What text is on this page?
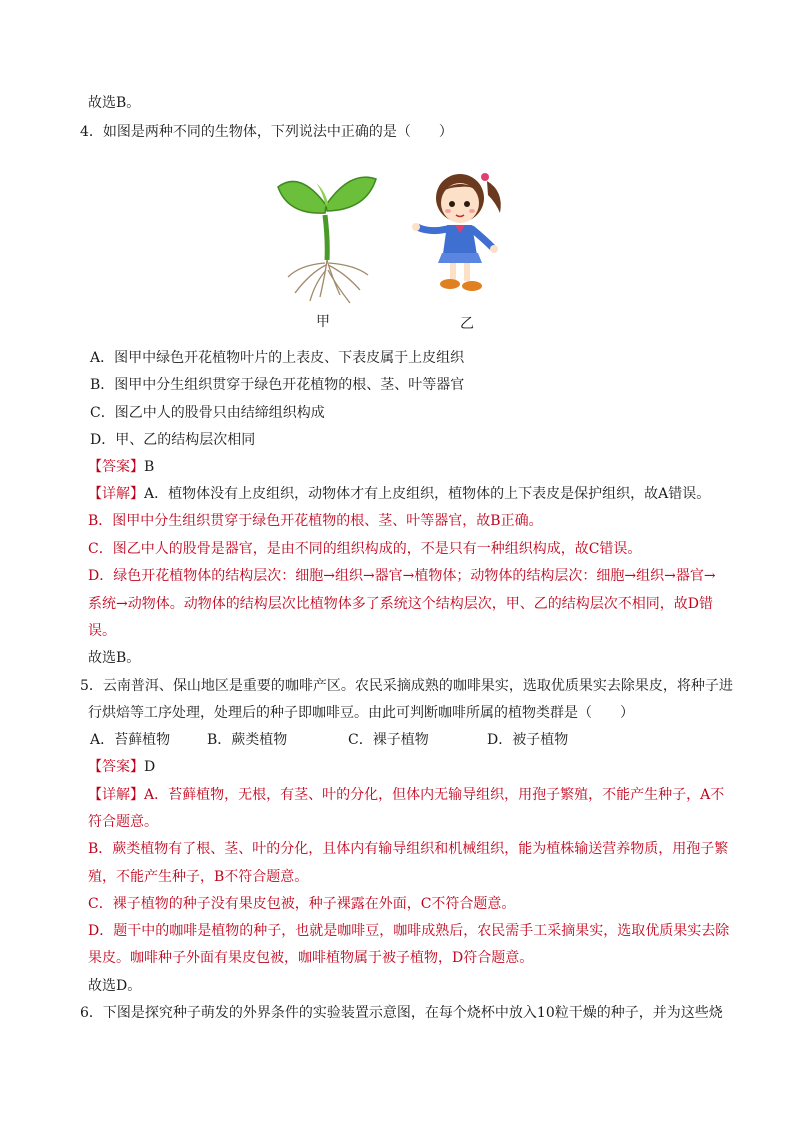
故选B。
4．如图是两种不同的生物体，下列说法中正确的是（　　）
甲	乙
A．图甲中绿色开花植物叶片的上表皮、下表皮属于上皮组织
B．图甲中分生组织贯穿于绿色开花植物的根、茎、叶等器官
C．图乙中人的股骨只由结缔组织构成
D．甲、乙的结构层次相同
【答案】B
【详解】A．植物体没有上皮组织，动物体才有上皮组织，植物体的上下表皮是保护组织，故A错误。
B．图甲中分生组织贯穿于绿色开花植物的根、茎、叶等器官，故B正确。
C．图乙中人的股骨是器官，是由不同的组织构成的，不是只有一种组织构成，故C错误。
D．绿色开花植物体的结构层次：细胞→组织→器官→植物体；动物体的结构层次：细胞→组织→器官→
系统→动物体。动物体的结构层次比植物体多了系统这个结构层次，甲、乙的结构层次不相同，故D错
误。
故选B。
5．云南普洱、保山地区是重要的咖啡产区。农民采摘成熟的咖啡果实，选取优质果实去除果皮，将种子进
行烘焙等工序处理，处理后的种子即咖啡豆。由此可判断咖啡所属的植物类群是（　　）
A．苔藓植物	B．蕨类植物	C．裸子植物	D．被子植物
【答案】D
【详解】A．苔藓植物，无根，有茎、叶的分化，但体内无输导组织，用孢子繁殖，不能产生种子，A不
符合题意。
B．蕨类植物有了根、茎、叶的分化，且体内有输导组织和机械组织，能为植株输送营养物质，用孢子繁
殖，不能产生种子，B不符合题意。
C．裸子植物的种子没有果皮包被，种子裸露在外面，C不符合题意。
D．题干中的咖啡是植物的种子，也就是咖啡豆，咖啡成熟后，农民需手工采摘果实，选取优质果实去除
果皮。咖啡种子外面有果皮包被，咖啡植物属于被子植物，D符合题意。
故选D。
6．下图是探究种子萌发的外界条件的实验装置示意图，在每个烧杯中放入10粒干燥的种子，并为这些烧
